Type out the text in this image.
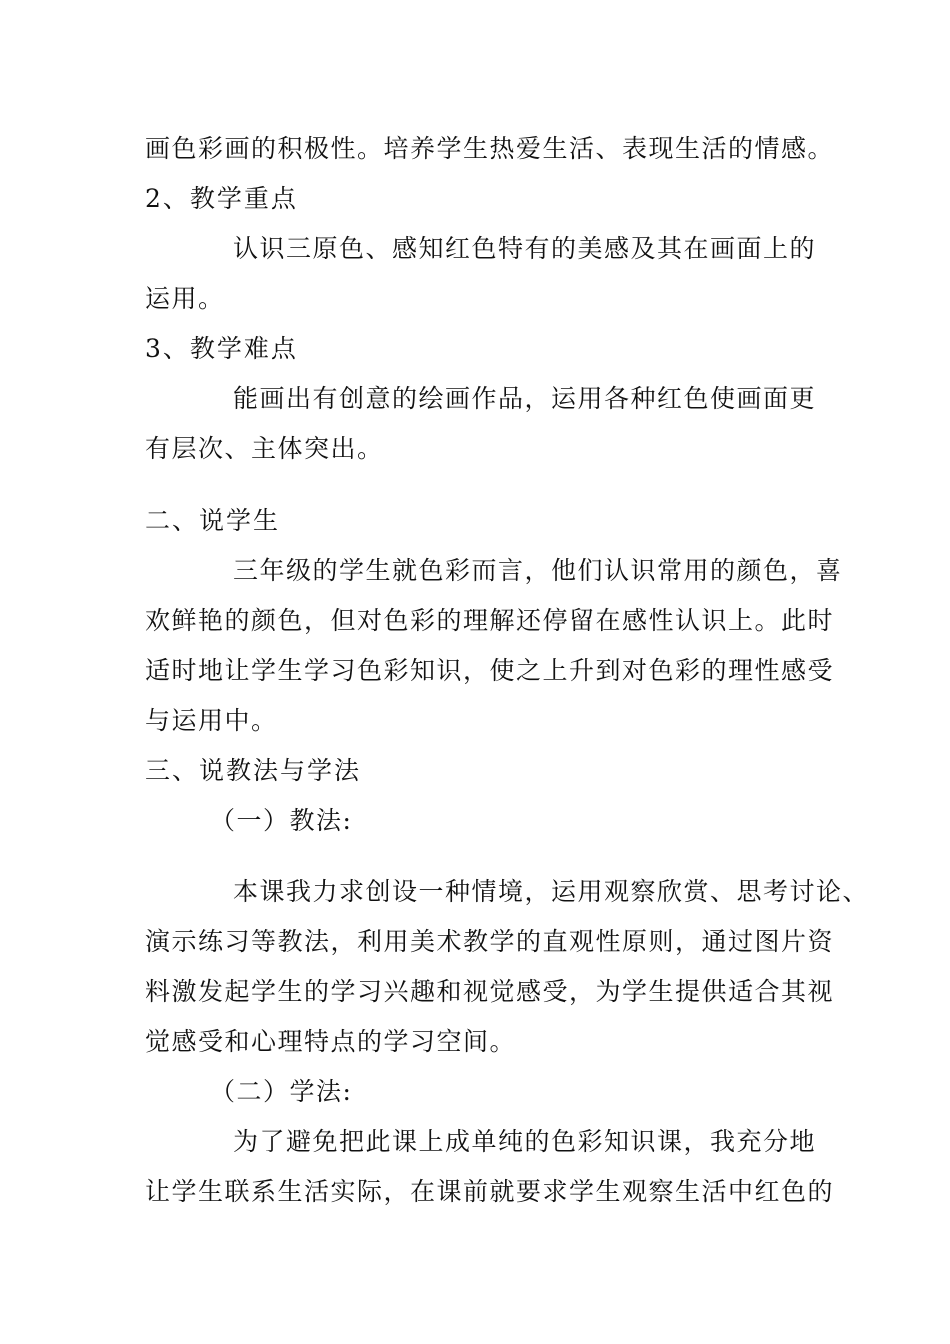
画色彩画的积极性。培养学生热爱生活、表现生活的情感。
2、教学重点
认识三原色、感知红色特有的美感及其在画面上的
运用。
3、教学难点
能画出有创意的绘画作品，运用各种红色使画面更
有层次、主体突出。
二、说学生
三年级的学生就色彩而言，他们认识常用的颜色，喜
欢鲜艳的颜色，但对色彩的理解还停留在感性认识上。此时
适时地让学生学习色彩知识，使之上升到对色彩的理性感受
与运用中。
三、说教法与学法
（一）教法:
本课我力求创设一种情境，运用观察欣赏、思考讨论、
演示练习等教法，利用美术教学的直观性原则，通过图片资
料激发起学生的学习兴趣和视觉感受，为学生提供适合其视
觉感受和心理特点的学习空间。
（二）学法:
为了避免把此课上成单纯的色彩知识课，我充分地
让学生联系生活实际，在课前就要求学生观察生活中红色的
